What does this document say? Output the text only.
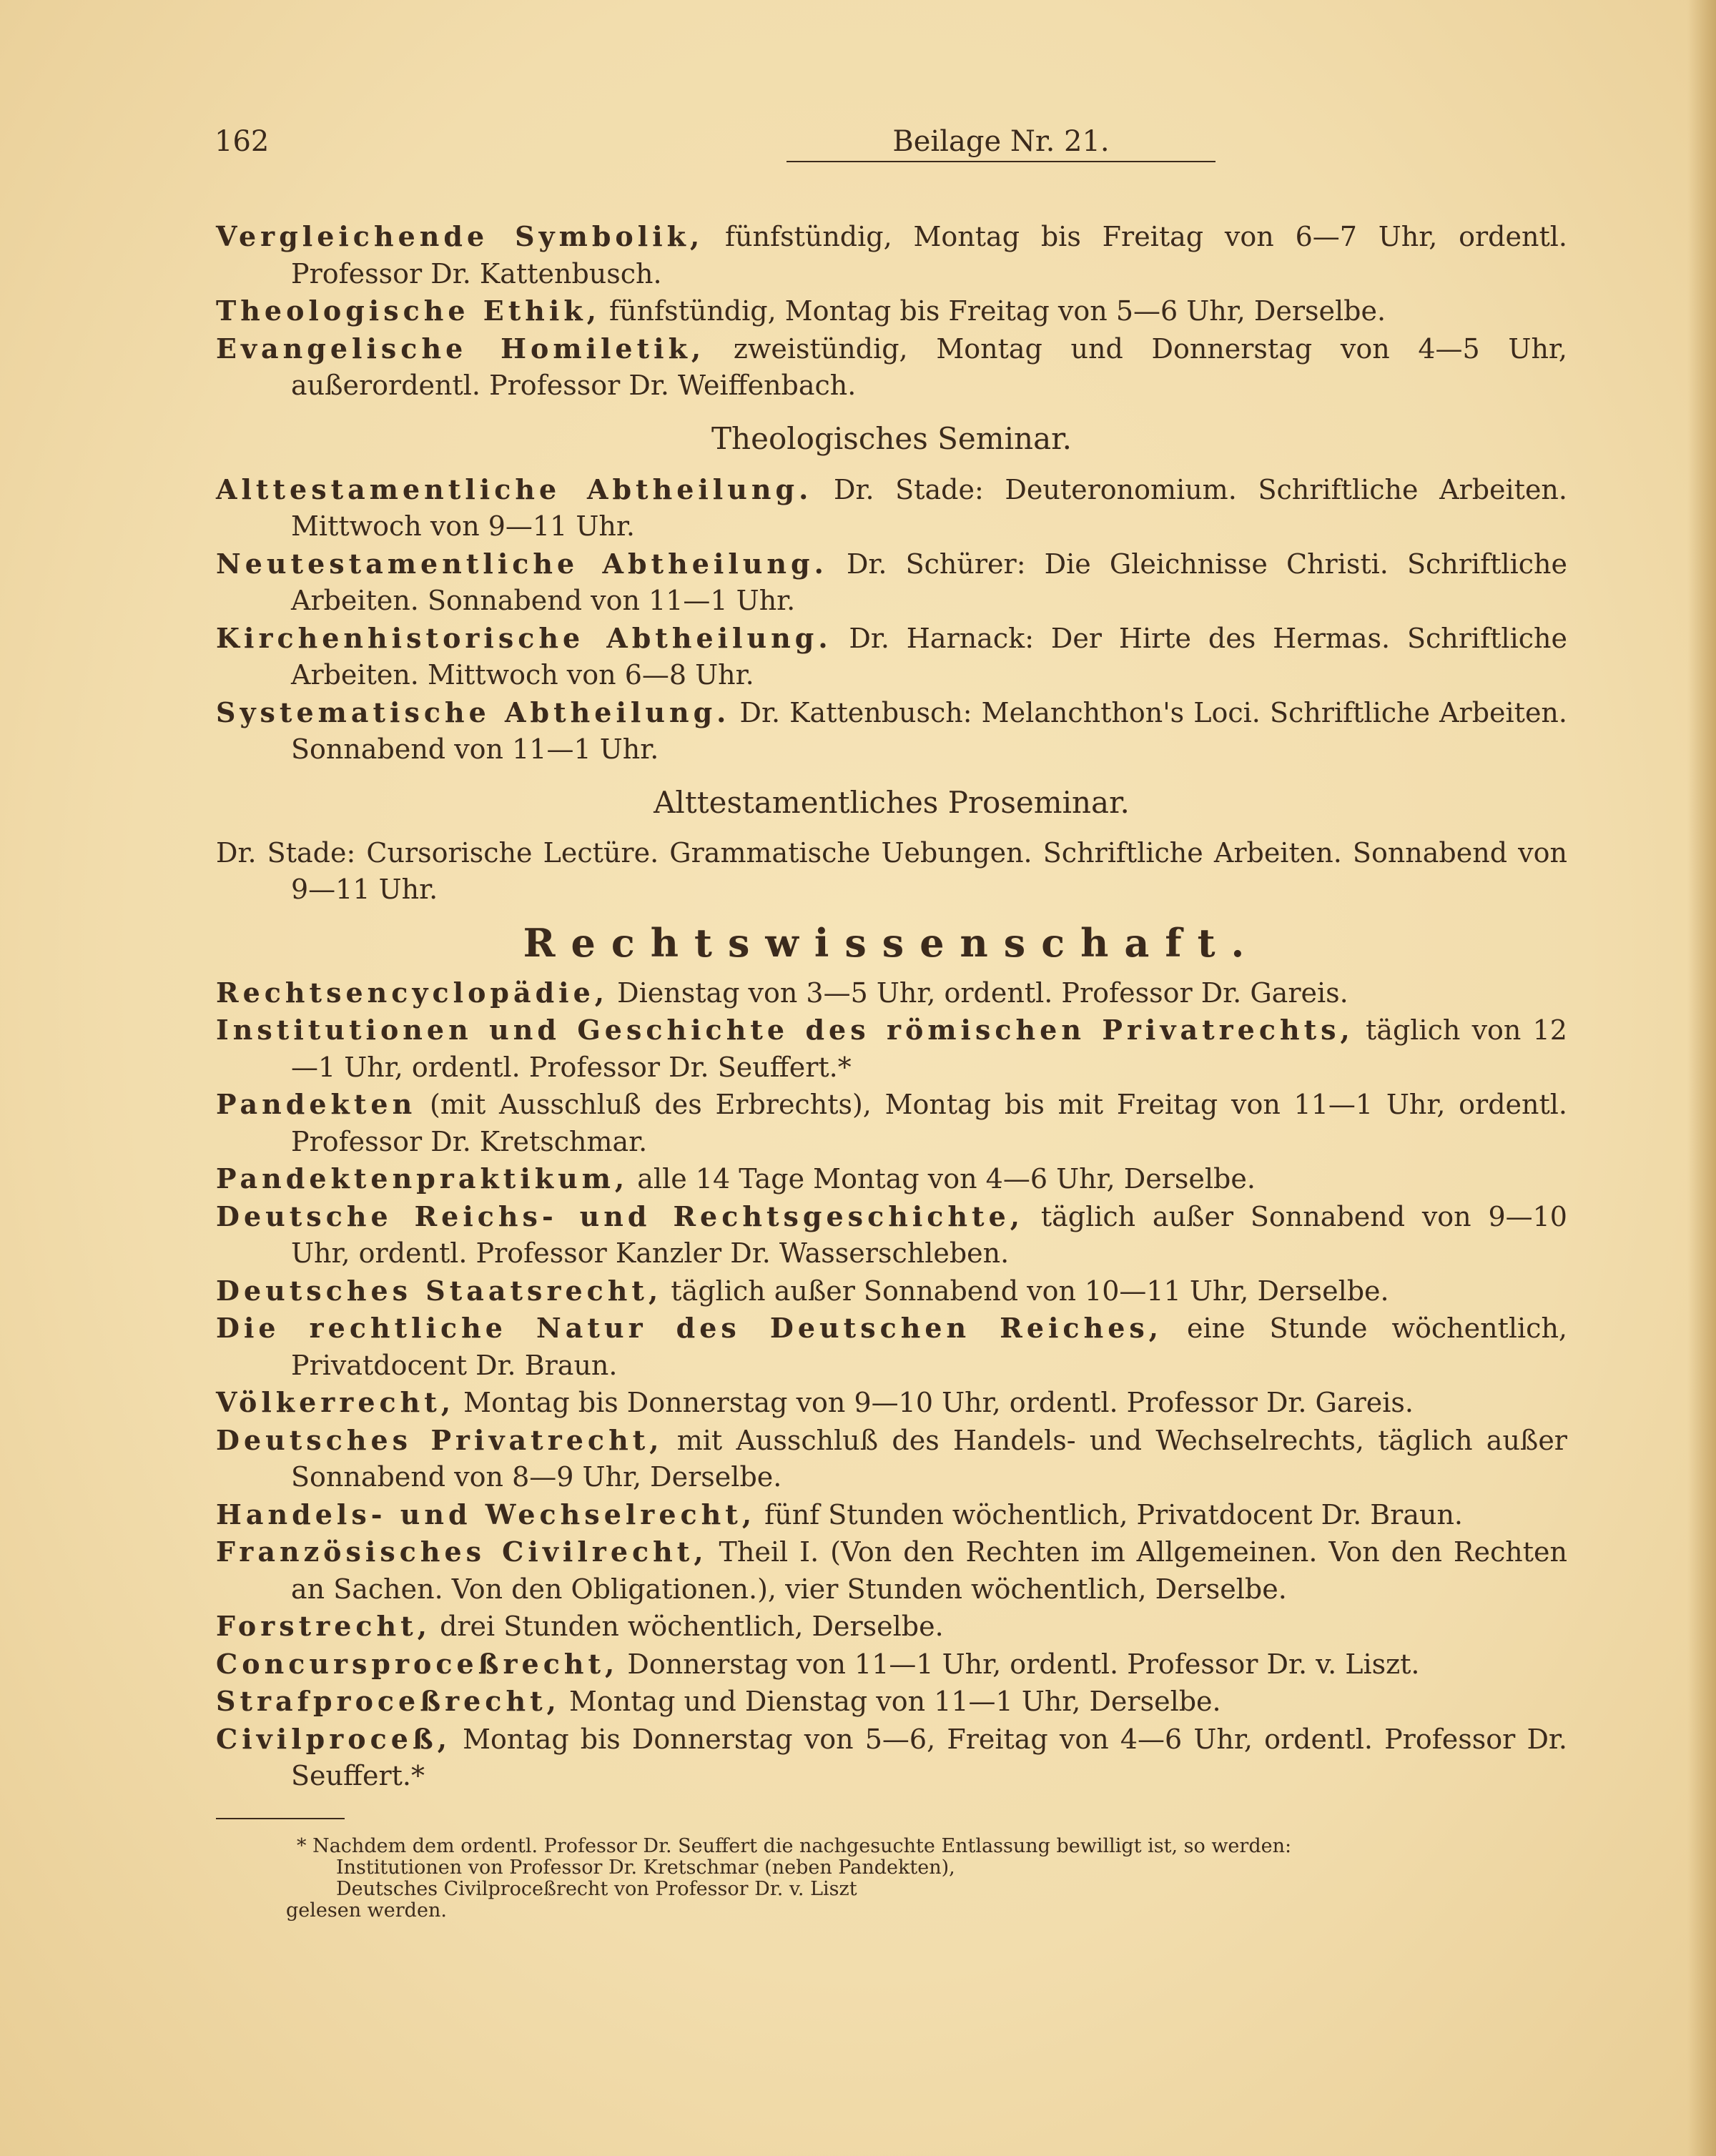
162	Beilage Nr. 21.
Vergleichende Symbolik, fünfstündig, Montag bis Freitag von 6—7 Uhr, ordentl. Professor Dr. Kattenbusch.
Theologische Ethik, fünfstündig, Montag bis Freitag von 5—6 Uhr, Derselbe.
Evangelische Homiletik, zweistündig, Montag und Donnerstag von 4—5 Uhr, außerordentl. Professor Dr. Weiffenbach.
Theologisches Seminar.
Alttestamentliche Abtheilung. Dr. Stade: Deuteronomium. Schriftliche Arbeiten. Mittwoch von 9—11 Uhr.
Neutestamentliche Abtheilung. Dr. Schürer: Die Gleichnisse Christi. Schriftliche Arbeiten. Sonnabend von 11—1 Uhr.
Kirchenhistorische Abtheilung. Dr. Harnack: Der Hirte des Hermas. Schriftliche Arbeiten. Mittwoch von 6—8 Uhr.
Systematische Abtheilung. Dr. Kattenbusch: Melanchthon's Loci. Schriftliche Arbeiten. Sonnabend von 11—1 Uhr.
Alttestamentliches Proseminar.
Dr. Stade: Cursorische Lectüre. Grammatische Uebungen. Schriftliche Arbeiten. Sonnabend von 9—11 Uhr.
Rechtswissenschaft.
Rechtsencyclopädie, Dienstag von 3—5 Uhr, ordentl. Professor Dr. Gareis.
Institutionen und Geschichte des römischen Privatrechts, täglich von 12—1 Uhr, ordentl. Professor Dr. Seuffert.*
Pandekten (mit Ausschluß des Erbrechts), Montag bis mit Freitag von 11—1 Uhr, ordentl. Professor Dr. Kretschmar.
Pandektenpraktikum, alle 14 Tage Montag von 4—6 Uhr, Derselbe.
Deutsche Reichs- und Rechtsgeschichte, täglich außer Sonnabend von 9—10 Uhr, ordentl. Professor Kanzler Dr. Wasserschleben.
Deutsches Staatsrecht, täglich außer Sonnabend von 10—11 Uhr, Derselbe.
Die rechtliche Natur des Deutschen Reiches, eine Stunde wöchentlich, Privatdocent Dr. Braun.
Völkerrecht, Montag bis Donnerstag von 9—10 Uhr, ordentl. Professor Dr. Gareis.
Deutsches Privatrecht, mit Ausschluß des Handels- und Wechselrechts, täglich außer Sonnabend von 8—9 Uhr, Derselbe.
Handels- und Wechselrecht, fünf Stunden wöchentlich, Privatdocent Dr. Braun.
Französisches Civilrecht, Theil I. (Von den Rechten im Allgemeinen. Von den Rechten an Sachen. Von den Obligationen.), vier Stunden wöchentlich, Derselbe.
Forstrecht, drei Stunden wöchentlich, Derselbe.
Concursproceßrecht, Donnerstag von 11—1 Uhr, ordentl. Professor Dr. v. Liszt.
Strafproceßrecht, Montag und Dienstag von 11—1 Uhr, Derselbe.
Civilproceß, Montag bis Donnerstag von 5—6, Freitag von 4—6 Uhr, ordentl. Professor Dr. Seuffert.*
* Nachdem dem ordentl. Professor Dr. Seuffert die nachgesuchte Entlassung bewilligt ist, so werden:
Institutionen von Professor Dr. Kretschmar (neben Pandekten),
Deutsches Civilproceßrecht von Professor Dr. v. Liszt
gelesen werden.
